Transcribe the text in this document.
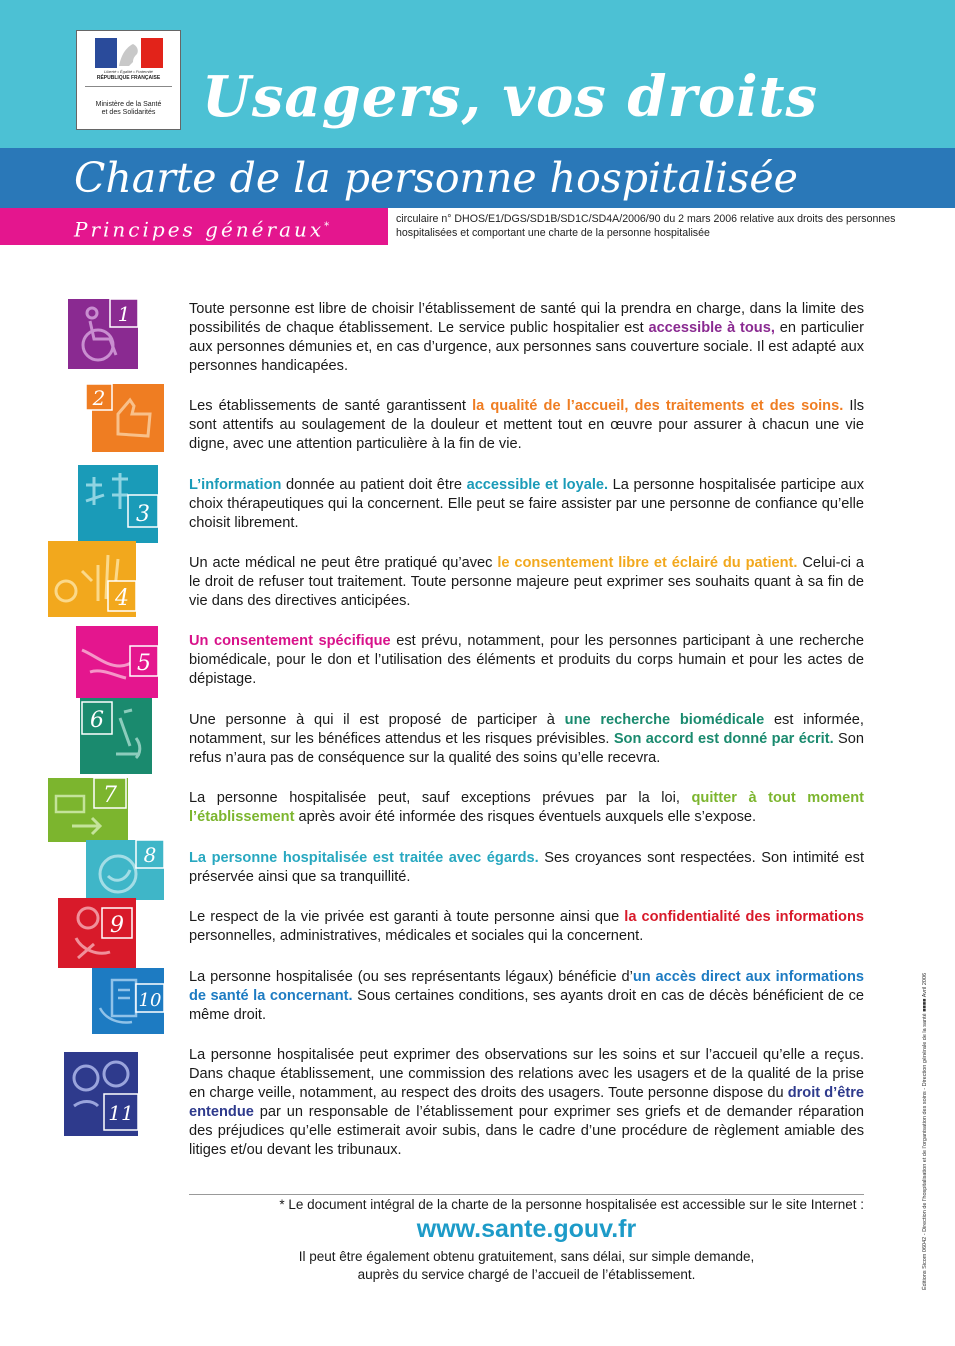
Liberté • Égalité • Fraternité
RÉPUBLIQUE FRANÇAISE
Ministère de la Santé
et des Solidarités Usagers, vos droits
Charte de la personne hospitalisée
Principes généraux*
circulaire n° DHOS/E1/DGS/SD1B/SD1C/SD4A/2006/90 du 2 mars 2006 relative aux droits des personnes hospitalisées et comportant une charte de la personne hospitalisée
1
2
3
4
5
6
7
8
9
10
11
Toute personne est libre de choisir l’établissement de santé qui la prendra en charge, dans la limite des possibilités de chaque établissement. Le service public hospitalier est accessible à tous, en particulier aux personnes démunies et, en cas d’urgence, aux personnes sans couverture sociale. Il est adapté aux personnes handicapées.
Les établissements de santé garantissent la qualité de l’accueil, des traitements et des soins. Ils sont attentifs au soulagement de la douleur et mettent tout en œuvre pour assurer à chacun une vie digne, avec une attention particulière à la fin de vie.
L’information donnée au patient doit être accessible et loyale. La personne hospitalisée participe aux choix thérapeutiques qui la concernent. Elle peut se faire assister par une personne de confiance qu’elle choisit librement.
Un acte médical ne peut être pratiqué qu’avec le consentement libre et éclairé du patient. Celui-ci a le droit de refuser tout traitement. Toute personne majeure peut exprimer ses souhaits quant à sa fin de vie dans des directives anticipées.
Un consentement spécifique est prévu, notamment, pour les personnes participant à une recherche biomédicale, pour le don et l’utilisation des éléments et produits du corps humain et pour les actes de dépistage.
Une personne à qui il est proposé de participer à une recherche biomédicale est informée, notamment, sur les bénéfices attendus et les risques prévisibles. Son accord est donné par écrit. Son refus n’aura pas de conséquence sur la qualité des soins qu’elle recevra.
La personne hospitalisée peut, sauf exceptions prévues par la loi, quitter à tout moment l’établissement après avoir été informée des risques éventuels auxquels elle s’expose.
La personne hospitalisée est traitée avec égards. Ses croyances sont respectées. Son intimité est préservée ainsi que sa tranquillité.
Le respect de la vie privée est garanti à toute personne ainsi que la confidentialité des informations personnelles, administratives, médicales et sociales qui la concernent.
La personne hospitalisée (ou ses représentants légaux) bénéficie d’un accès direct aux informations de santé la concernant. Sous certaines conditions, ses ayants droit en cas de décès bénéficient de ce même droit.
La personne hospitalisée peut exprimer des observations sur les soins et sur l’accueil qu’elle a reçus. Dans chaque établissement, une commission des relations avec les usagers et de la qualité de la prise en charge veille, notamment, au respect des droits des usagers. Toute personne dispose du droit d’être entendue par un responsable de l’établissement pour exprimer ses griefs et de demander réparation des préjudices qu’elle estimerait avoir subis, dans le cadre d’une procédure de règlement amiable des litiges et/ou devant les tribunaux.
* Le document intégral de la charte de la personne hospitalisée est accessible sur le site Internet :
www.sante.gouv.fr
Il peut être également obtenu gratuitement, sans délai, sur simple demande,
auprès du service chargé de l’accueil de l’établissement.	Éditions Sicom 06042 - Direction de l’hospitalisation et de l’organisation des soins - Direction générale de la santé ■■■■ Avril 2006
